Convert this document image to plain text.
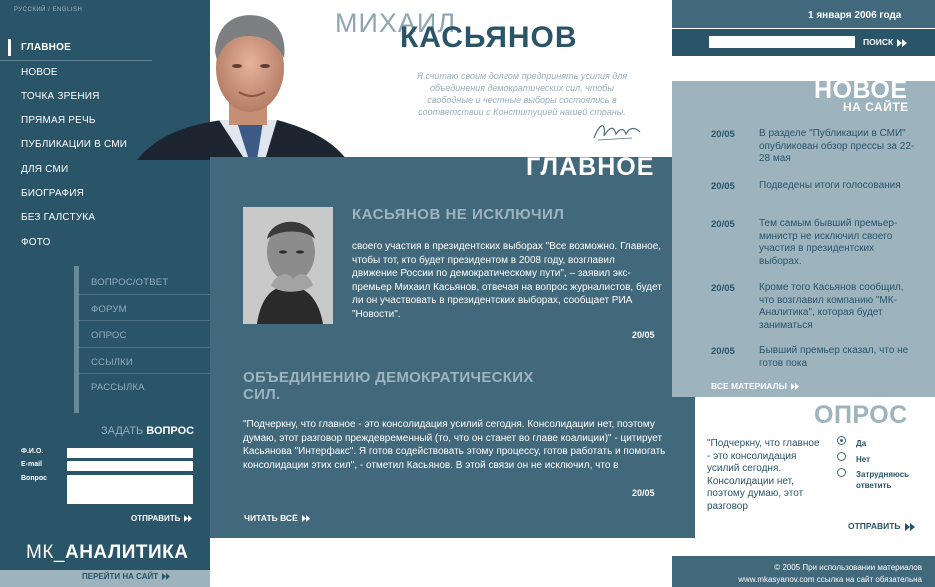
РУССКИЙ / ENGLISH
ГЛАВНОЕ
НОВОЕ
ТОЧКА ЗРЕНИЯ
ПРЯМАЯ РЕЧЬ
ПУБЛИКАЦИИ В СМИ
ДЛЯ СМИ
БИОГРАФИЯ
БЕЗ ГАЛСТУКА
ФОТО
ВОПРОС/ОТВЕТ
ФОРУМ
ОПРОС
ССЫЛКИ
РАССЫЛКА
ЗАДАТЬ ВОПРОС
Ф.И.О.
E-mail
Вопрос
ОТПРАВИТЬ
МК_АНАЛИТИКА
ПЕРЕЙТИ НА САЙТ
МИХАИЛ
КАСЬЯНОВ
Я считаю своим долгом предпринять усилия для объединения демократических сил, чтобы свободные и честные выборы состоялись в соответствии с Конституцией нашей страны.
ГЛАВНОЕ
КАСЬЯНОВ НЕ ИСКЛЮЧИЛ
своего участия в президентских выборах "Все возможно. Главное, чтобы тот, кто будет президентом в 2008 году, возглавил движение России по демократическому пути", – заявил экс-премьер Михаил Касьянов, отвечая на вопрос журналистов, будет ли он участвовать в президентских выборах, сообщает РИА "Новости".
20/05
ОБЪЕДИНЕНИЮ ДЕМОКРАТИЧЕСКИХ СИЛ.
"Подчеркну, что главное - это консолидация усилий сегодня. Консолидации нет, поэтому думаю, этот разговор преждевременный (то, что он станет во главе коалиции)" - цитирует Касьянова "Интерфакс". Я готов содействовать этому процессу, готов работать и помогать консолидации этих сил", - отметил Касьянов. В этой связи он не исключил, что в
20/05
ЧИТАТЬ ВСЁ
1 января 2006 года
ПОИСК
НОВОЕ
НА САЙТЕ
20/05 В разделе "Публикации в СМИ" опубликован обзор прессы за 22-28 мая
20/05 Подведены итоги голосования
20/05 Тем самым бывший премьер-министр не исключил своего участия в президентских выборах.
20/05 Кроме того Касьянов сообщил, что возглавил компанию "МК-Аналитика", которая будет заниматься
20/05 Бывший премьер сказал, что не готов пока
ВСЕ МАТЕРИАЛЫ
ОПРОС
"Подчеркну, что главное - это консолидация усилий сегодня. Консолидации нет, поэтому думаю, этот разговор
Да
Нет
Затрудняюсь ответить
ОТПРАВИТЬ
© 2005 При использовании материалов
www.mkasyanov.com ссылка на сайт обязательна
